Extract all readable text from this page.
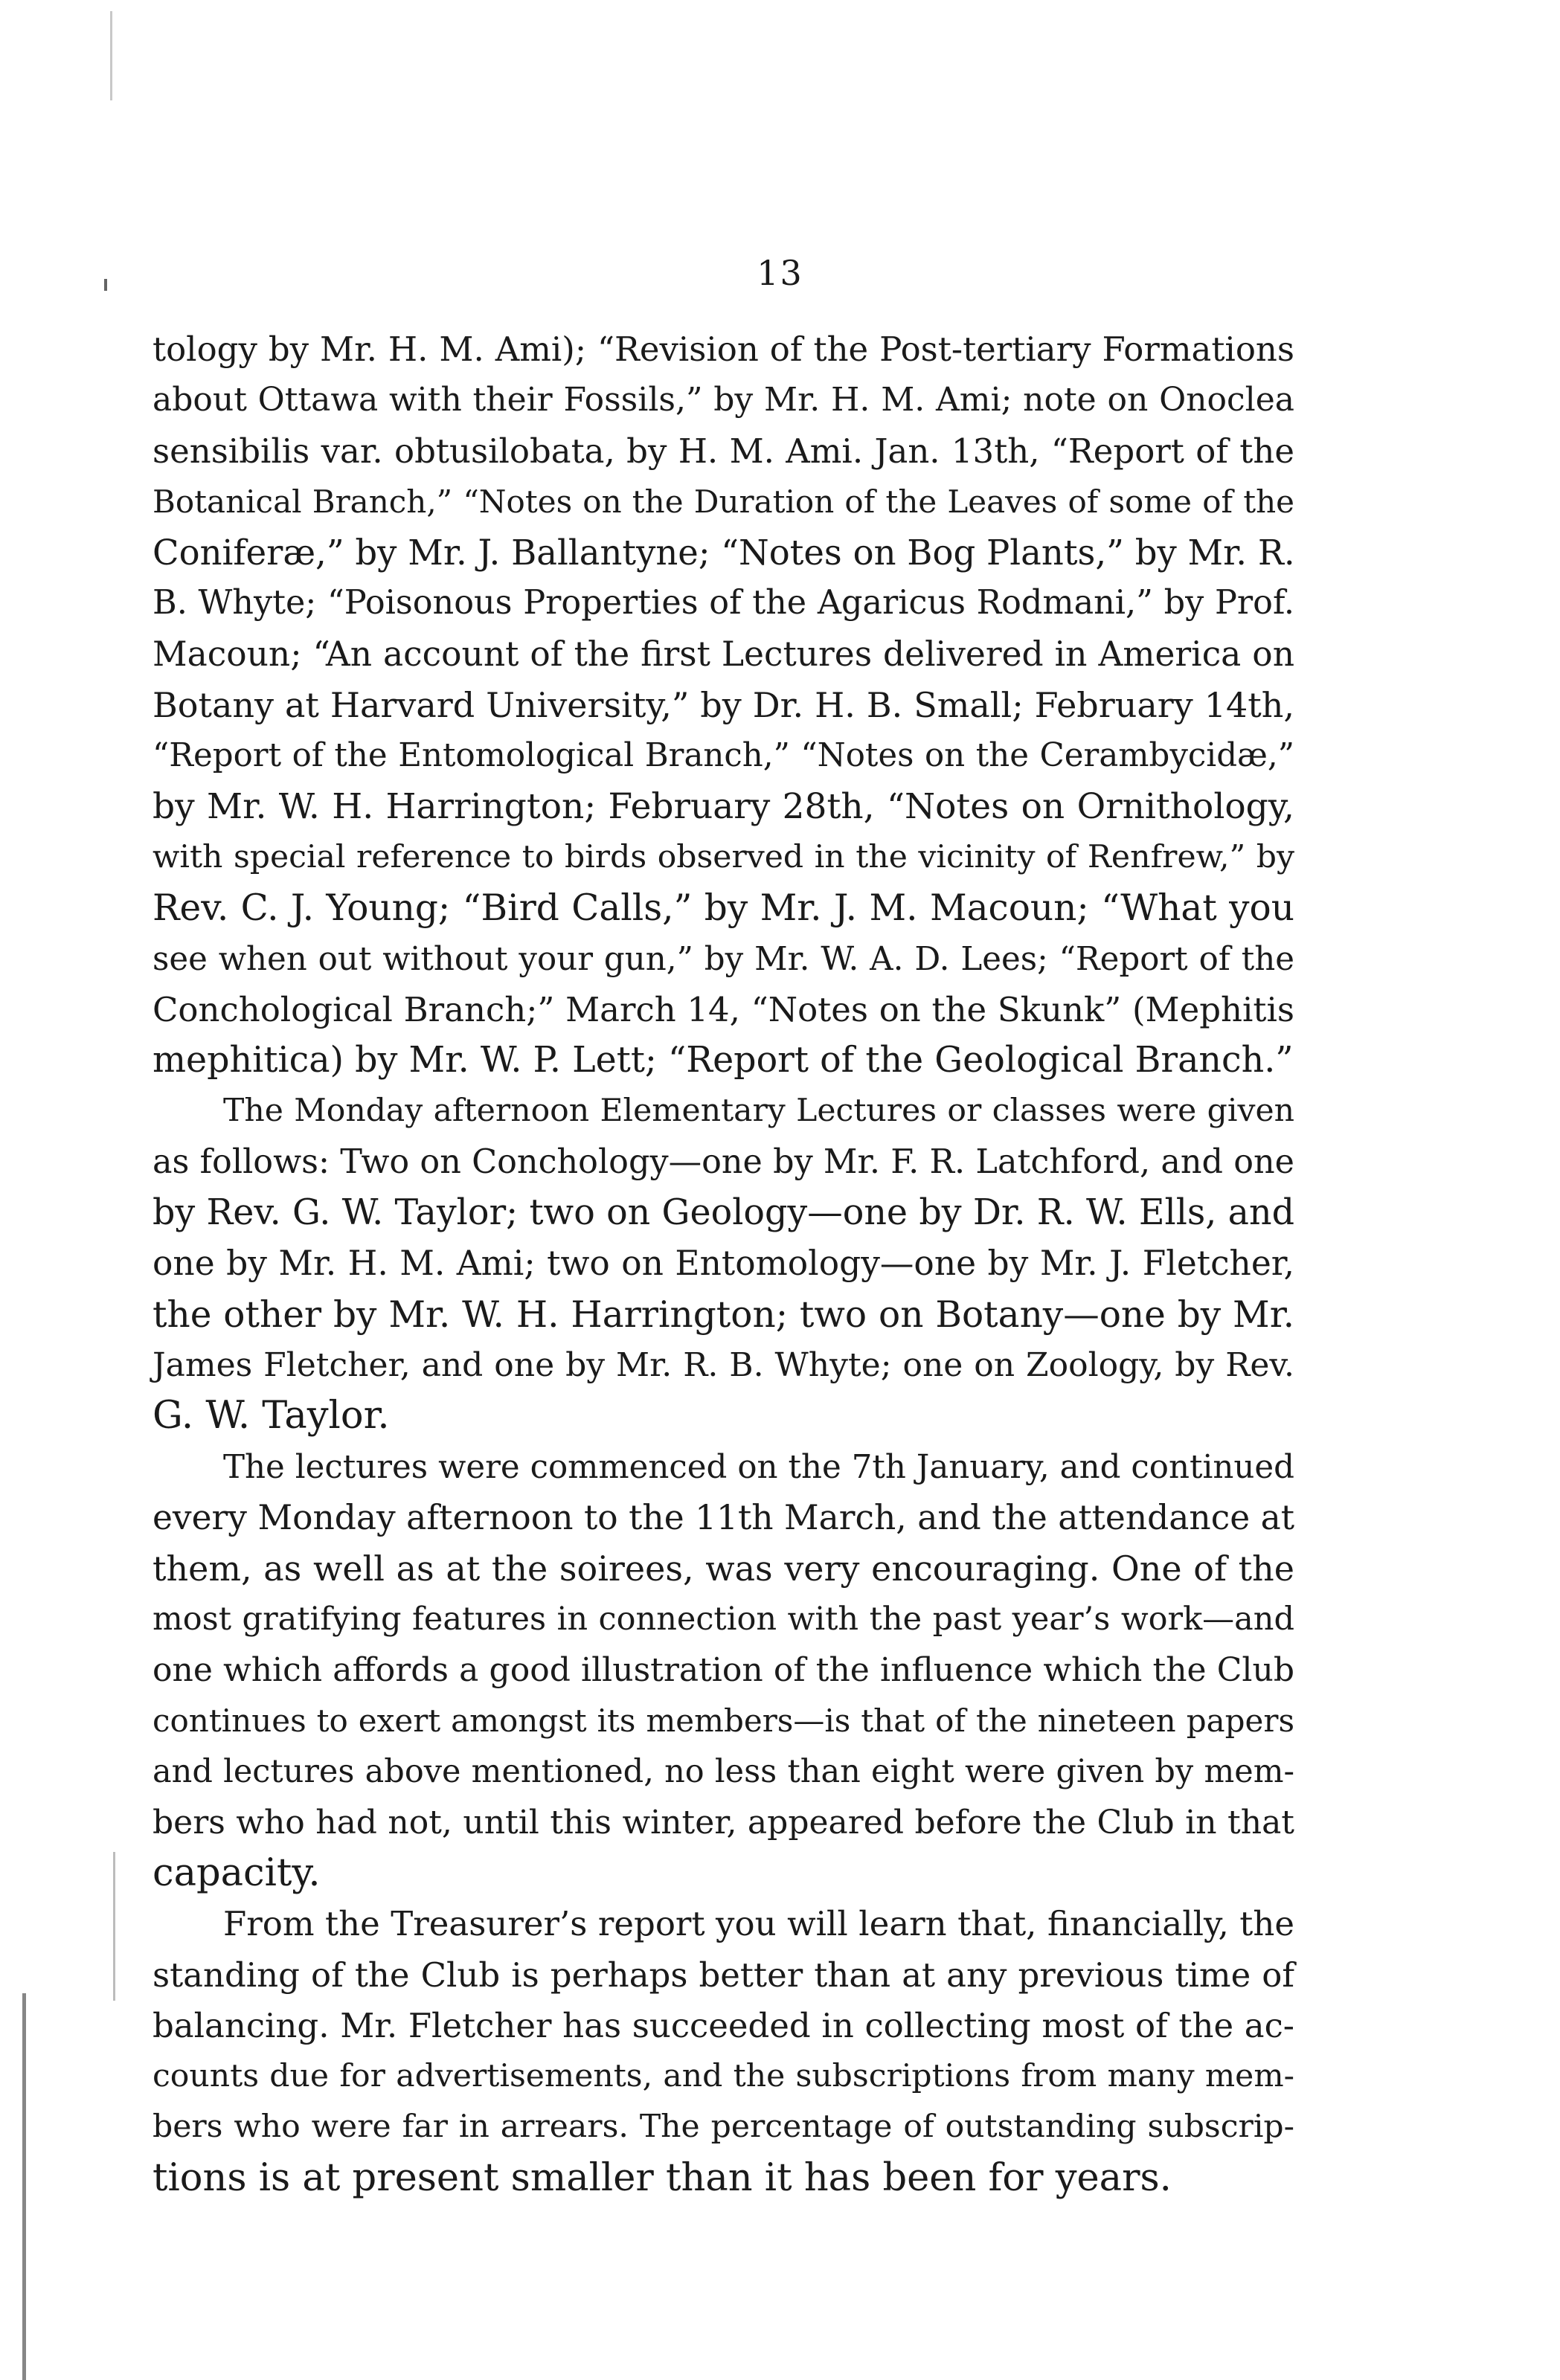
13
tology by Mr. H. M. Ami); “Revision of the Post-tertiary Formations
about Ottawa with their Fossils,” by Mr. H. M. Ami; note on Onoclea
sensibilis var. obtusilobata, by H. M. Ami. Jan. 13th, “Report of the
Botanical Branch,” “Notes on the Duration of the Leaves of some of the
Coniferæ,” by Mr. J. Ballantyne; “Notes on Bog Plants,” by Mr. R.
B. Whyte; “Poisonous Properties of the Agaricus Rodmani,” by Prof.
Macoun; “An account of the first Lectures delivered in America on
Botany at Harvard University,” by Dr. H. B. Small; February 14th,
“Report of the Entomological Branch,” “Notes on the Cerambycidæ,”
by Mr. W. H. Harrington; February 28th, “Notes on Ornithology,
with special reference to birds observed in the vicinity of Renfrew,” by
Rev. C. J. Young; “Bird Calls,” by Mr. J. M. Macoun; “What you
see when out without your gun,” by Mr. W. A. D. Lees; “Report of the
Conchological Branch;” March 14, “Notes on the Skunk” (Mephitis
mephitica) by Mr. W. P. Lett; “Report of the Geological Branch.”
The Monday afternoon Elementary Lectures or classes were given
as follows: Two on Conchology—one by Mr. F. R. Latchford, and one
by Rev. G. W. Taylor; two on Geology—one by Dr. R. W. Ells, and
one by Mr. H. M. Ami; two on Entomology—one by Mr. J. Fletcher,
the other by Mr. W. H. Harrington; two on Botany—one by Mr.
James Fletcher, and one by Mr. R. B. Whyte; one on Zoology, by Rev.
G. W. Taylor.
The lectures were commenced on the 7th January, and continued
every Monday afternoon to the 11th March, and the attendance at
them, as well as at the soirees, was very encouraging. One of the
most gratifying features in connection with the past year’s work—and
one which affords a good illustration of the influence which the Club
continues to exert amongst its members—is that of the nineteen papers
and lectures above mentioned, no less than eight were given by mem-
bers who had not, until this winter, appeared before the Club in that
capacity.
From the Treasurer’s report you will learn that, financially, the
standing of the Club is perhaps better than at any previous time of
balancing. Mr. Fletcher has succeeded in collecting most of the ac-
counts due for advertisements, and the subscriptions from many mem-
bers who were far in arrears. The percentage of outstanding subscrip-
tions is at present smaller than it has been for years.
